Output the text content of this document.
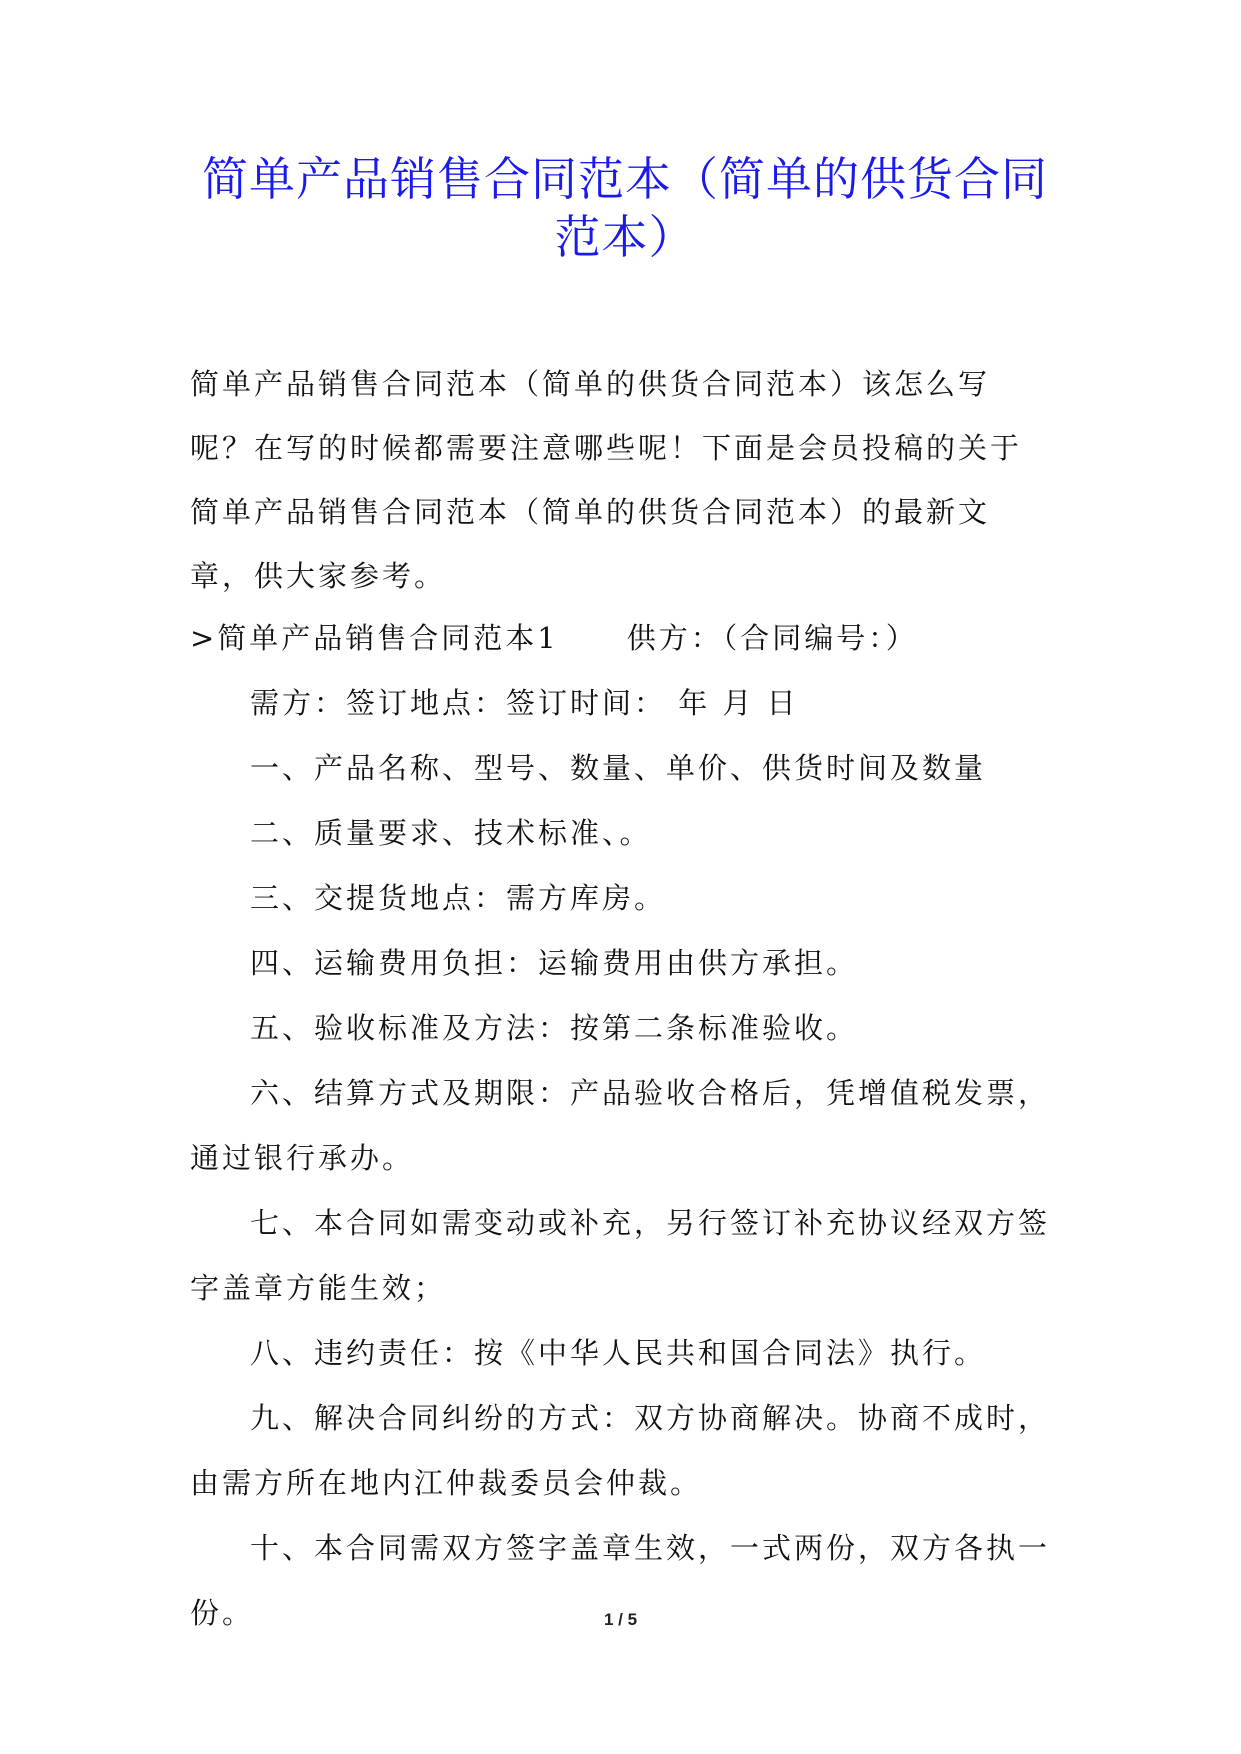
简单产品销售合同范本（简单的供货合同范本）

简单产品销售合同范本（简单的供货合同范本）该怎么写呢？在写的时候都需要注意哪些呢！下面是会员投稿的关于简单产品销售合同范本（简单的供货合同范本）的最新文章，供大家参考。

>简单产品销售合同范本1 供方：（合同编号：）

需方：签订地点：签订时间： 年 月 日

一、产品名称、型号、数量、单价、供货时间及数量

二、质量要求、技术标准、。

三、交提货地点：需方库房。

四、运输费用负担：运输费用由供方承担。

五、验收标准及方法：按第二条标准验收。

六、结算方式及期限：产品验收合格后，凭增值税发票，通过银行承办。

七、本合同如需变动或补充，另行签订补充协议经双方签字盖章方能生效；

八、违约责任：按《中华人民共和国合同法》执行。

九、解决合同纠纷的方式：双方协商解决。协商不成时，由需方所在地内江仲裁委员会仲裁。

十、本合同需双方签字盖章生效，一式两份，双方各执一份。	1 / 5
